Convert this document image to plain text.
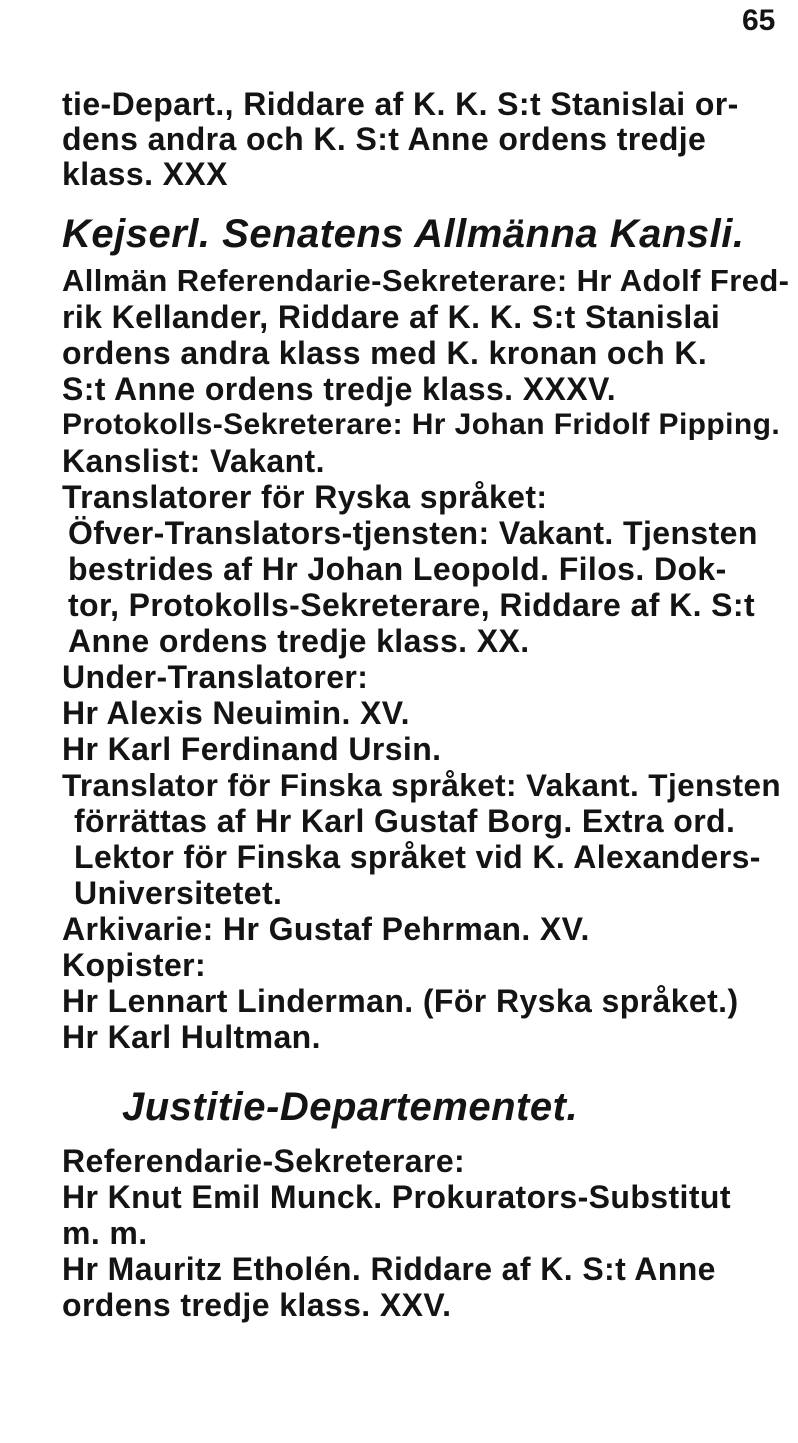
65
tie-Depart., Riddare af K. K. S:t Stanislai or-
dens andra och K. S:t Anne ordens tredje
klass. XXX
Kejserl. Senatens Allmänna Kansli.
Allmän Referendarie-Sekreterare: Hr Adolf Fred-
rik Kellander, Riddare af K. K. S:t Stanislai
ordens andra klass med K. kronan och K.
S:t Anne ordens tredje klass. XXXV.
Protokolls-Sekreterare: Hr Johan Fridolf Pipping.
Kanslist: Vakant.
Translatorer för Ryska språket:
Öfver-Translators-tjensten: Vakant. Tjensten
bestrides af Hr Johan Leopold. Filos. Dok-
tor, Protokolls-Sekreterare, Riddare af K. S:t
Anne ordens tredje klass. XX.
Under-Translatorer:
Hr Alexis Neuimin. XV.
Hr Karl Ferdinand Ursin.
Translator för Finska språket: Vakant. Tjensten
förrättas af Hr Karl Gustaf Borg. Extra ord.
Lektor för Finska språket vid K. Alexanders-
Universitetet.
Arkivarie: Hr Gustaf Pehrman. XV.
Kopister:
Hr Lennart Linderman. (För Ryska språket.)
Hr Karl Hultman.
Justitie-Departementet.
Referendarie-Sekreterare:
Hr Knut Emil Munck. Prokurators-Substitut
m. m.
Hr Mauritz Etholén. Riddare af K. S:t Anne
ordens tredje klass. XXV.
